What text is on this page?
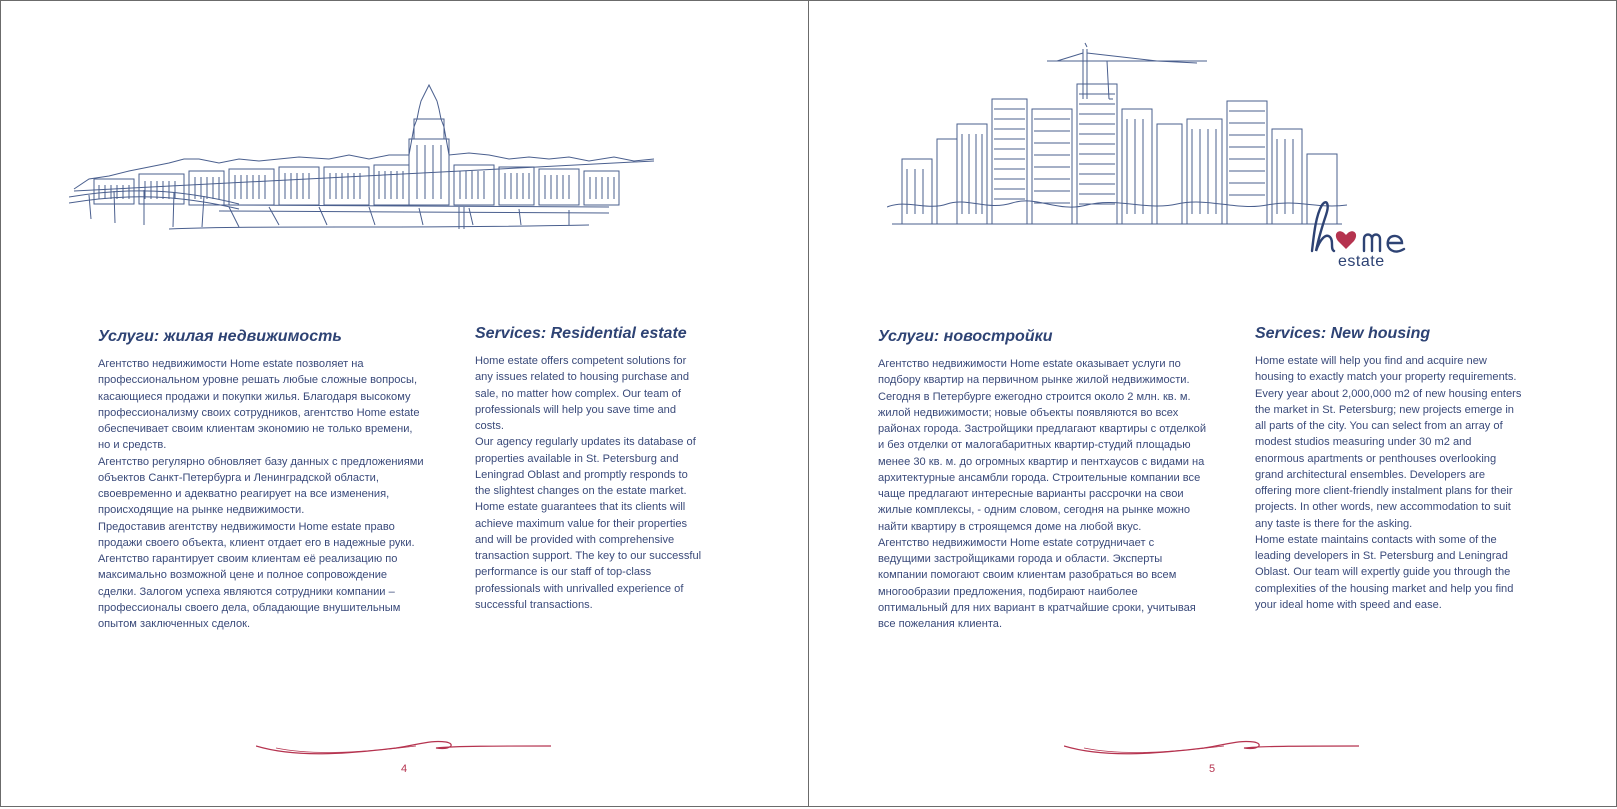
Услуги: жилая недвижимость

Агентство недвижимости Home estate позволяет на
профессиональном уровне решать любые сложные вопросы,
касающиеся продажи и покупки жилья. Благодаря высокому
профессионализму своих сотрудников, агентство Home estate
обеспечивает своим клиентам экономию не только времени,
но и средств.
Агентство регулярно обновляет базу данных с предложениями
объектов Санкт-Петербурга и Ленинградской области,
своевременно и адекватно реагирует на все изменения,
происходящие на рынке недвижимости.
Предоставив агентству недвижимости Home estate право
продажи своего объекта, клиент отдает его в надежные руки.
Агентство гарантирует своим клиентам её реализацию по
максимально возможной цене и полное сопровождение
сделки. Залогом успеха являются сотрудники компании –
профессионалы своего дела, обладающие внушительным
опытом заключенных сделок.

Services: Residential estate

Home estate offers competent solutions for
any issues related to housing purchase and
sale, no matter how complex. Our team of
professionals will help you save time and
costs.
Our agency regularly updates its database of
properties available in St. Petersburg and
Leningrad Oblast and promptly responds to
the slightest changes on the estate market.
Home estate guarantees that its clients will
achieve maximum value for their properties
and will be provided with comprehensive
transaction support. The key to our successful
performance is our staff of top-class
professionals with unrivalled experience of
successful transactions.

4
estate
Услуги: новостройки

Агентство недвижимости Home estate оказывает услуги по
подбору квартир на первичном рынке жилой недвижимости.
Сегодня в Петербурге ежегодно строится около 2 млн. кв. м.
жилой недвижимости; новые объекты появляются во всех
районах города. Застройщики предлагают квартиры с отделкой
и без отделки от малогабаритных квартир-студий площадью
менее 30 кв. м. до огромных квартир и пентхаусов с видами на
архитектурные ансамбли города. Строительные компании все
чаще предлагают интересные варианты рассрочки на свои
жилые комплексы, - одним словом, сегодня на рынке можно
найти квартиру в строящемся доме на любой вкус.
Агентство недвижимости Home estate сотрудничает с
ведущими застройщиками города и области. Эксперты
компании помогают своим клиентам разобраться во всем
многообразии предложения, подбирают наиболее
оптимальный для них вариант в кратчайшие сроки, учитывая
все пожелания клиента.

Services: New housing

Home estate will help you find and acquire new
housing to exactly match your property requirements.
Every year about 2,000,000 m2 of new housing enters
the market in St. Petersburg; new projects emerge in
all parts of the city. You can select from an array of
modest studios measuring under 30 m2 and
enormous apartments or penthouses overlooking
grand architectural ensembles. Developers are
offering more client-friendly instalment plans for their
projects. In other words, new accommodation to suit
any taste is there for the asking.
Home estate maintains contacts with some of the
leading developers in St. Petersburg and Leningrad
Oblast. Our team will expertly guide you through the
complexities of the housing market and help you find
your ideal home with speed and ease.

5
